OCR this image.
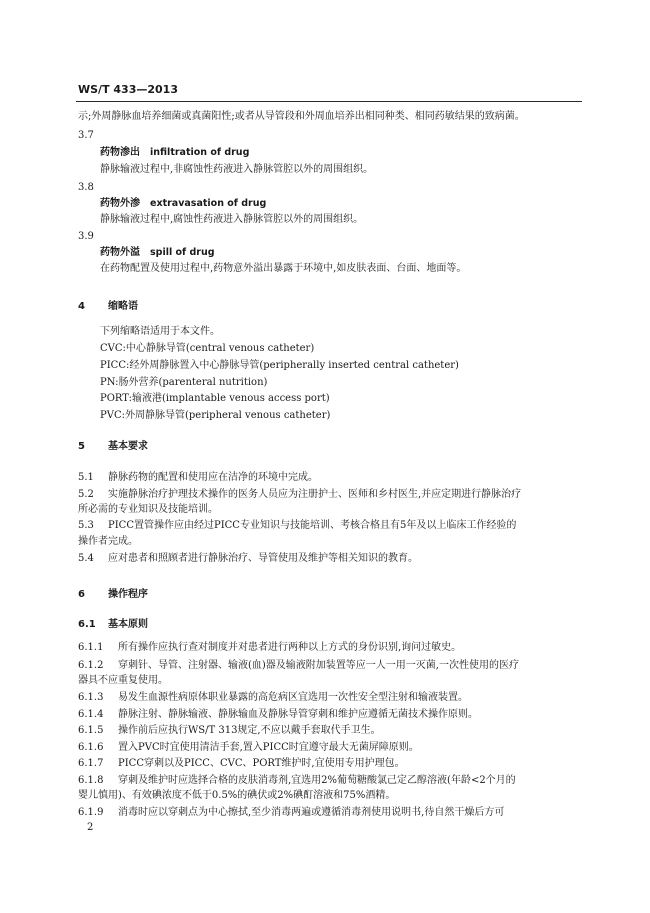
WS/T 433—2013
示;外周静脉血培养细菌或真菌阳性;或者从导管段和外周血培养出相同种类、相同药敏结果的致病菌。
3.7
药物渗出 infiltration of drug
静脉输液过程中,非腐蚀性药液进入静脉管腔以外的周围组织。
3.8
药物外渗 extravasation of drug
静脉输液过程中,腐蚀性药液进入静脉管腔以外的周围组织。
3.9
药物外溢 spill of drug
在药物配置及使用过程中,药物意外溢出暴露于环境中,如皮肤表面、台面、地面等。
4 缩略语
下列缩略语适用于本文件。
CVC:中心静脉导管(central venous catheter)
PICC:经外周静脉置入中心静脉导管(peripherally inserted central catheter)
PN:肠外营养(parenteral nutrition)
PORT:输液港(implantable venous access port)
PVC:外周静脉导管(peripheral venous catheter)
5 基本要求
5.1 静脉药物的配置和使用应在洁净的环境中完成。
5.2 实施静脉治疗护理技术操作的医务人员应为注册护士、医师和乡村医生,并应定期进行静脉治疗
所必需的专业知识及技能培训。
5.3 PICC置管操作应由经过PICC专业知识与技能培训、考核合格且有5年及以上临床工作经验的
操作者完成。
5.4 应对患者和照顾者进行静脉治疗、导管使用及维护等相关知识的教育。
6 操作程序
6.1 基本原则
6.1.1 所有操作应执行查对制度并对患者进行两种以上方式的身份识别,询问过敏史。
6.1.2 穿刺针、导管、注射器、输液(血)器及输液附加装置等应一人一用一灭菌,一次性使用的医疗
器具不应重复使用。
6.1.3 易发生血源性病原体职业暴露的高危病区宜选用一次性安全型注射和输液装置。
6.1.4 静脉注射、静脉输液、静脉输血及静脉导管穿刺和维护应遵循无菌技术操作原则。
6.1.5 操作前后应执行WS/T 313规定,不应以戴手套取代手卫生。
6.1.6 置入PVC时宜使用清洁手套,置入PICC时宜遵守最大无菌屏障原则。
6.1.7 PICC穿刺以及PICC、CVC、PORT维护时,宜使用专用护理包。
6.1.8 穿刺及维护时应选择合格的皮肤消毒剂,宜选用2%葡萄糖酸氯己定乙醇溶液(年龄<2个月的
婴儿慎用)、有效碘浓度不低于0.5%的碘伏或2%碘酊溶液和75%酒精。
6.1.9 消毒时应以穿刺点为中心擦拭,至少消毒两遍或遵循消毒剂使用说明书,待自然干燥后方可
2
